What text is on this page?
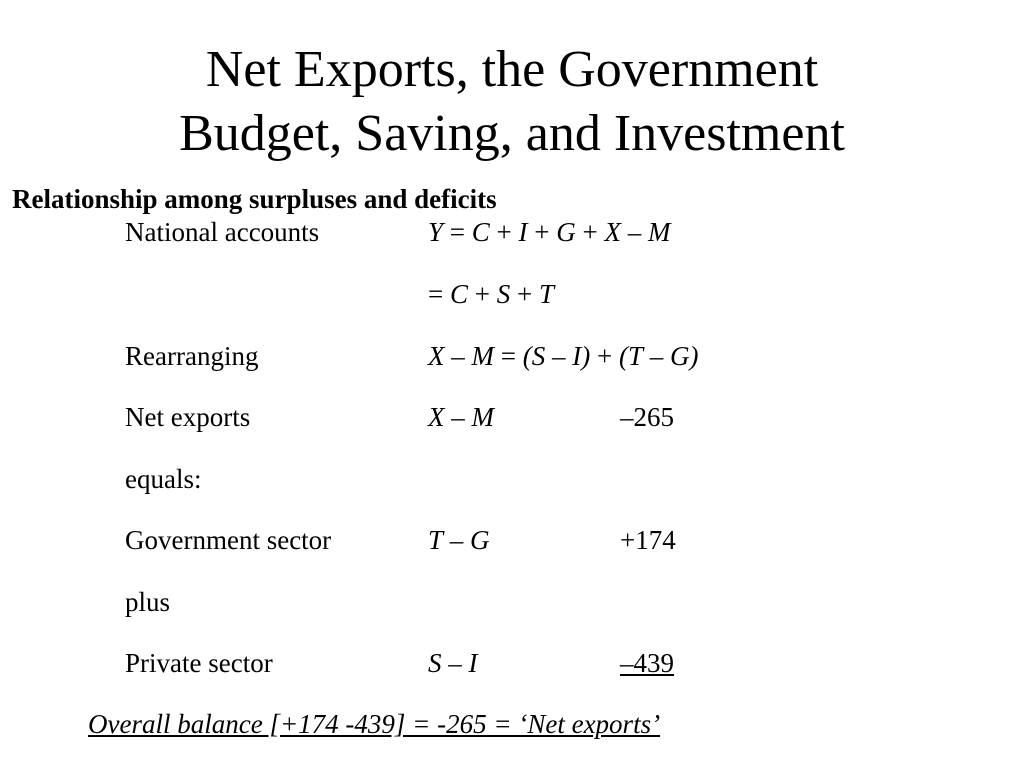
Net Exports, the Government
Budget, Saving, and Investment
Relationship among surpluses and deficits
National accounts	Y = C + I + G + X – M
= C + S + T
Rearranging	X – M = (S – I) + (T – G)
Net exports	X – M	–265
equals:
Government sector	T – G	+174
plus
Private sector	S – I	–439
Overall balance [+174 -439] = -265 = ‘Net exports’
